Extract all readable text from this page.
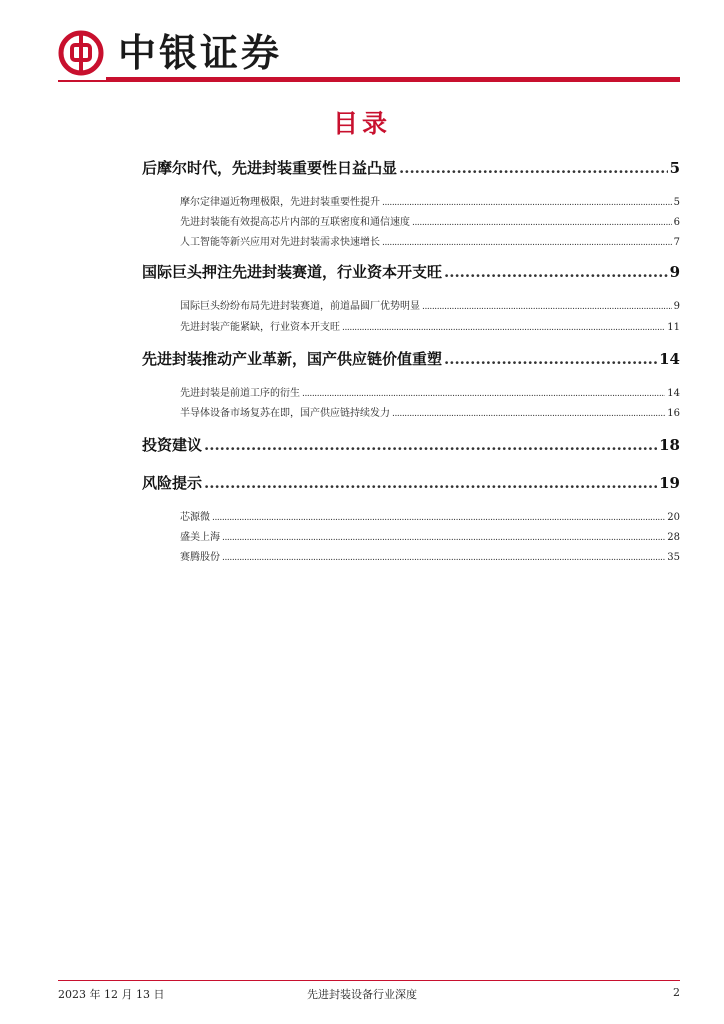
中银证券
目录
后摩尔时代，先进封装重要性日益凸显 .....	5
摩尔定律逼近物理极限，先进封装重要性提升 .....	5
先进封装能有效提高芯片内部的互联密度和通信速度 .....	6
人工智能等新兴应用对先进封装需求快速增长 .....	7
国际巨头押注先进封装赛道，行业资本开支旺 .....	9
国际巨头纷纷布局先进封装赛道，前道晶圆厂优势明显 .....	9
先进封装产能紧缺，行业资本开支旺 .....	11
先进封装推动产业革新，国产供应链价值重塑 .....	14
先进封装是前道工序的衍生 .....	14
半导体设备市场复苏在即，国产供应链持续发力 .....	16
投资建议 .....	18
风险提示 .....	19
芯源微 .....	20
盛美上海 .....	28
赛腾股份 .....	35
2023 年 12 月 13 日	先进封装设备行业深度	2
